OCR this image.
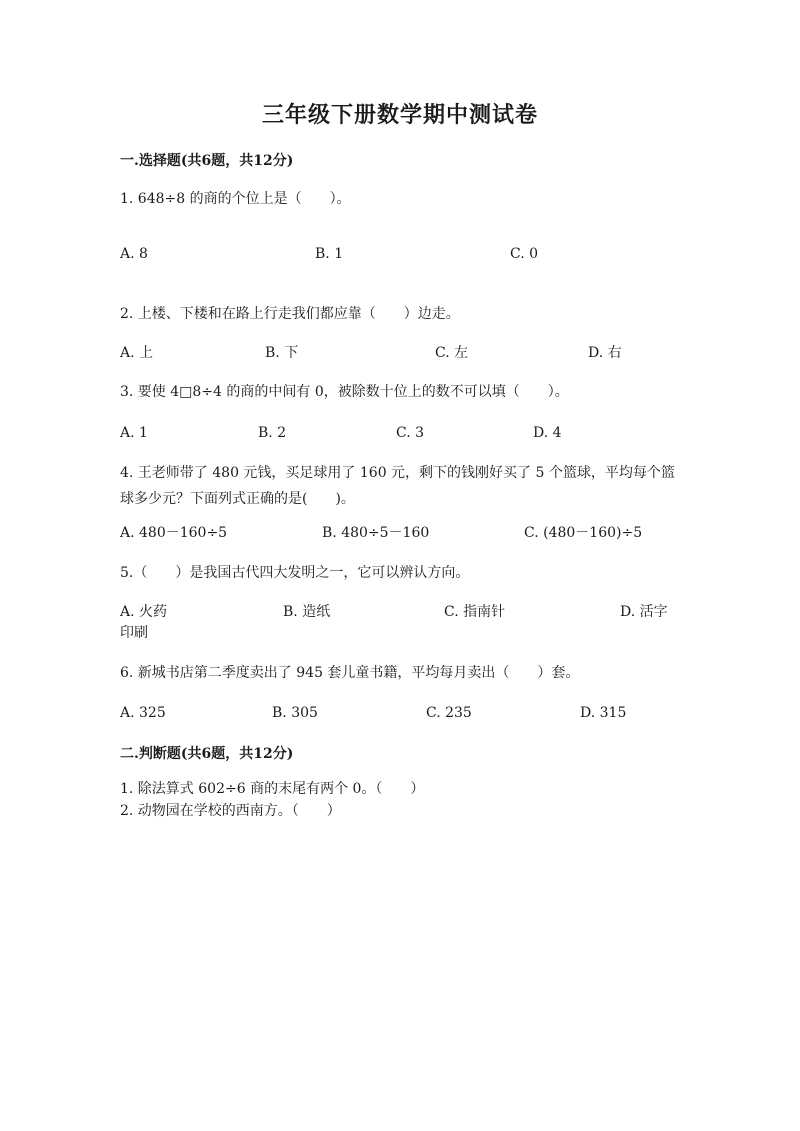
三年级下册数学期中测试卷
一.选择题(共6题，共12分)
1. 648÷8 的商的个位上是（　　）。
A. 8	B. 1	C. 0
2. 上楼、下楼和在路上行走我们都应靠（　　）边走。
A. 上	B. 下	C. 左	D. 右
3. 要使 4□8÷4 的商的中间有 0，被除数十位上的数不可以填（　　）。
A. 1	B. 2	C. 3	D. 4
4. 王老师带了 480 元钱，买足球用了 160 元，剩下的钱刚好买了 5 个篮球，平均每个篮球多少元？下面列式正确的是(　　)。
A. 480－160÷5	B. 480÷5－160	C. (480－160)÷5
5.（　　）是我国古代四大发明之一，它可以辨认方向。
A. 火药	B. 造纸	C. 指南针	D. 活字
印刷
6. 新城书店第二季度卖出了 945 套儿童书籍，平均每月卖出（　　）套。
A. 325	B. 305	C. 235	D. 315
二.判断题(共6题，共12分)
1. 除法算式 602÷6 商的末尾有两个 0。（　　）
2. 动物园在学校的西南方。（　　）
